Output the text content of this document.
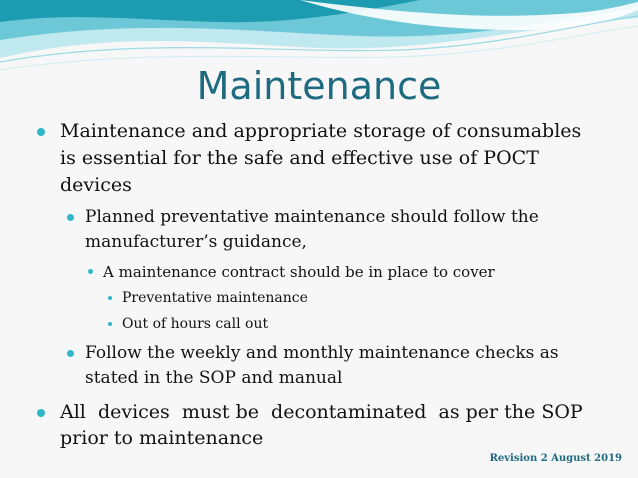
Maintenance
Maintenance and appropriate storage of consumables
is essential for the safe and effective use of POCT
devices
Planned preventative maintenance should follow the
manufacturer’s guidance,
A maintenance contract should be in place to cover
Preventative maintenance
Out of hours call out
Follow the weekly and monthly maintenance checks as
stated in the SOP and manual
All  devices  must be  decontaminated  as per the SOP
prior to maintenance
Revision 2 August 2019
